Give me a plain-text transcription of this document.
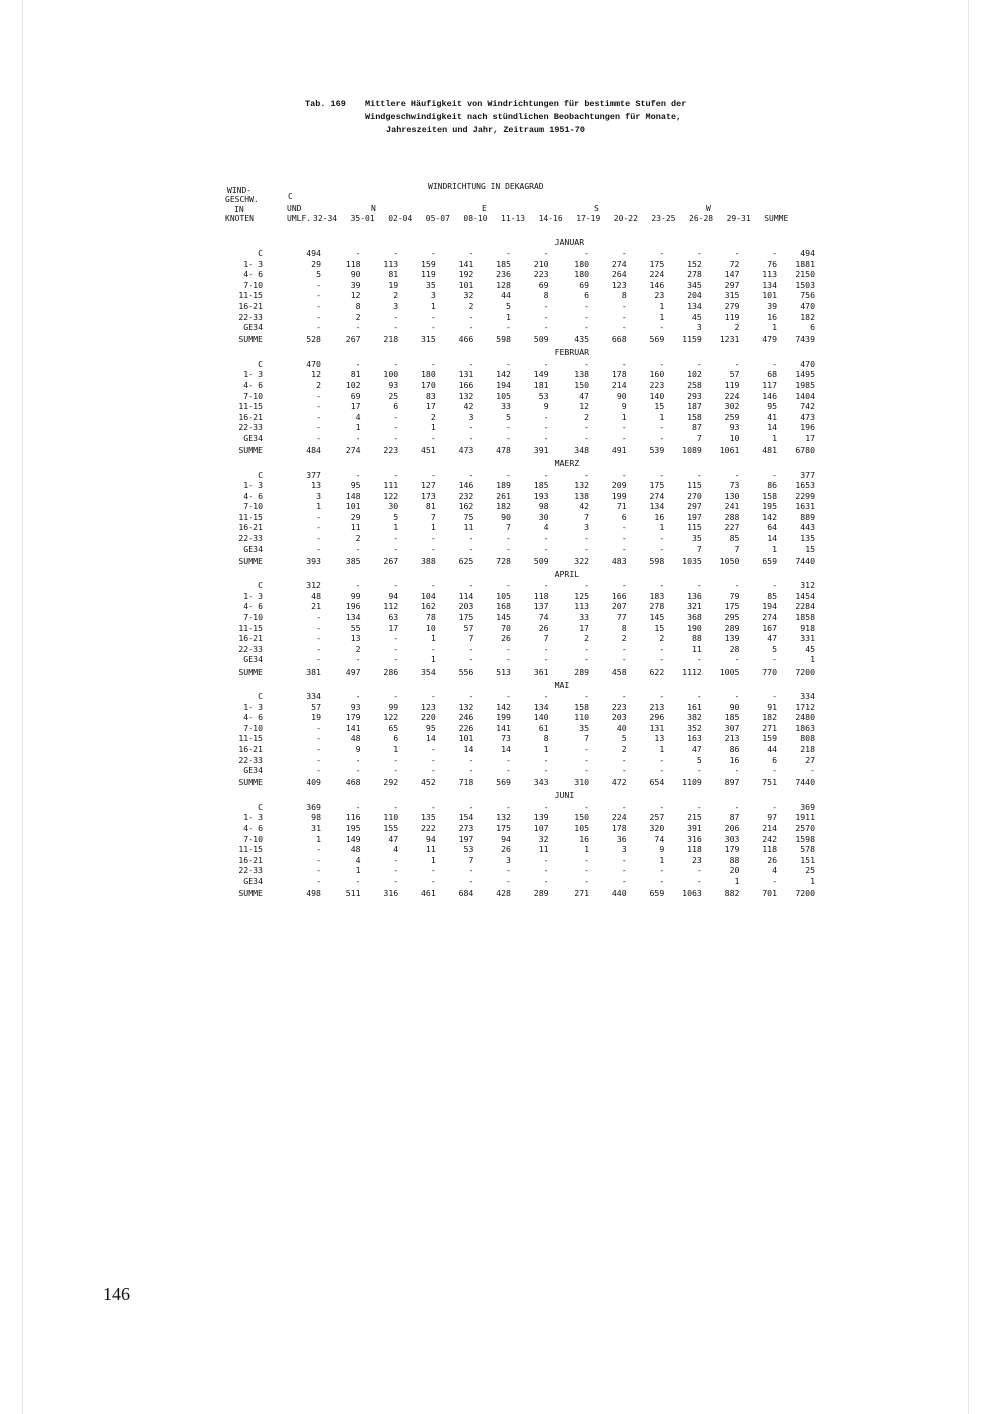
Tab. 169 Mittlere Häufigkeit von Windrichtungen für bestimmte Stufen der
Windgeschwindigkeit nach stündlichen Beobachtungen für Monate,
Jahreszeiten und Jahr, Zeitraum 1951-70
WINDRICHTUNG IN DEKAGRAD
WIND-
GESCHW.
IN
KNOTEN
C
UND
UMLF.
N	E	S	W
32-34 35-01 02-04 05-07 08-10 11-13 14-16 17-19 20-22 23-25 26-28 29-31 SUMME
								JANUAR						
C	494	-	-	-	-	-	-	-	-	-	-	-	-	494
1- 3	29	118	113	159	141	185	210	180	274	175	152	72	76	1881
4- 6	5	90	81	119	192	236	223	180	264	224	278	147	113	2150
7-10	-	39	19	35	101	128	69	69	123	146	345	297	134	1503
11-15	-	12	2	3	32	44	8	6	8	23	204	315	101	756
16-21	-	8	3	1	2	5	-	-	-	1	134	279	39	470
22-33	-	2	-	-	-	1	-	-	-	1	45	119	16	182
GE34	-	-	-	-	-	-	-	-	-	-	3	2	1	6
SUMME	528	267	218	315	466	598	509	435	668	569	1159	1231	479	7439
								FEBRUAR						
C	470	-	-	-	-	-	-	-	-	-	-	-	-	470
1- 3	12	81	100	180	131	142	149	138	178	160	102	57	68	1495
4- 6	2	102	93	170	166	194	181	150	214	223	258	119	117	1985
7-10	-	69	25	83	132	105	53	47	90	140	293	224	146	1404
11-15	-	17	6	17	42	33	9	12	9	15	187	302	95	742
16-21	-	4	-	2	3	5	-	2	1	1	158	259	41	473
22-33	-	1	-	1	-	-	-	-	-	-	87	93	14	196
GE34	-	-	-	-	-	-	-	-	-	-	7	10	1	17
SUMME	484	274	223	451	473	478	391	348	491	539	1089	1061	481	6780
								MAERZ						
C	377	-	-	-	-	-	-	-	-	-	-	-	-	377
1- 3	13	95	111	127	146	189	185	132	209	175	115	73	86	1653
4- 6	3	148	122	173	232	261	193	138	199	274	270	130	158	2299
7-10	1	101	30	81	162	182	98	42	71	134	297	241	195	1631
11-15	-	29	5	7	75	90	30	7	6	16	197	288	142	889
16-21	-	11	1	1	11	7	4	3	-	1	115	227	64	443
22-33	-	2	-	-	-	-	-	-	-	-	35	85	14	135
GE34	-	-	-	-	-	-	-	-	-	-	7	7	1	15
SUMME	393	385	267	388	625	728	509	322	483	598	1035	1050	659	7440
								APRIL						
C	312	-	-	-	-	-	-	-	-	-	-	-	-	312
1- 3	48	99	94	104	114	105	118	125	166	183	136	79	85	1454
4- 6	21	196	112	162	203	168	137	113	207	278	321	175	194	2284
7-10	-	134	63	78	175	145	74	33	77	145	368	295	274	1858
11-15	-	55	17	10	57	70	26	17	8	15	190	289	167	918
16-21	-	13	-	1	7	26	7	2	2	2	88	139	47	331
22-33	-	2	-	-	-	-	-	-	-	-	11	28	5	45
GE34	-	-	-	1	-	-	-	-	-	-	-	-	-	1
SUMME	381	497	286	354	556	513	361	289	458	622	1112	1005	770	7200
								MAI						
C	334	-	-	-	-	-	-	-	-	-	-	-	-	334
1- 3	57	93	99	123	132	142	134	158	223	213	161	90	91	1712
4- 6	19	179	122	220	246	199	140	110	203	296	382	185	182	2480
7-10	-	141	65	95	226	141	61	35	40	131	352	307	271	1863
11-15	-	48	6	14	101	73	8	7	5	13	163	213	159	808
16-21	-	9	1	-	14	14	1	-	2	1	47	86	44	218
22-33	-	-	-	-	-	-	-	-	-	-	5	16	6	27
GE34	-	-	-	-	-	-	-	-	-	-	-	-	-	-
SUMME	409	468	292	452	718	569	343	310	472	654	1109	897	751	7440
								JUNI						
C	369	-	-	-	-	-	-	-	-	-	-	-	-	369
1- 3	98	116	110	135	154	132	139	150	224	257	215	87	97	1911
4- 6	31	195	155	222	273	175	107	105	178	320	391	206	214	2570
7-10	1	149	47	94	197	94	32	16	36	74	316	303	242	1598
11-15	-	48	4	11	53	26	11	1	3	9	118	179	118	578
16-21	-	4	-	1	7	3	-	-	-	1	23	88	26	151
22-33	-	1	-	-	-	-	-	-	-	-	-	20	4	25
GE34	-	-	-	-	-	-	-	-	-	-	-	1	-	1
SUMME	498	511	316	461	684	428	289	271	440	659	1063	882	701	7200
146
